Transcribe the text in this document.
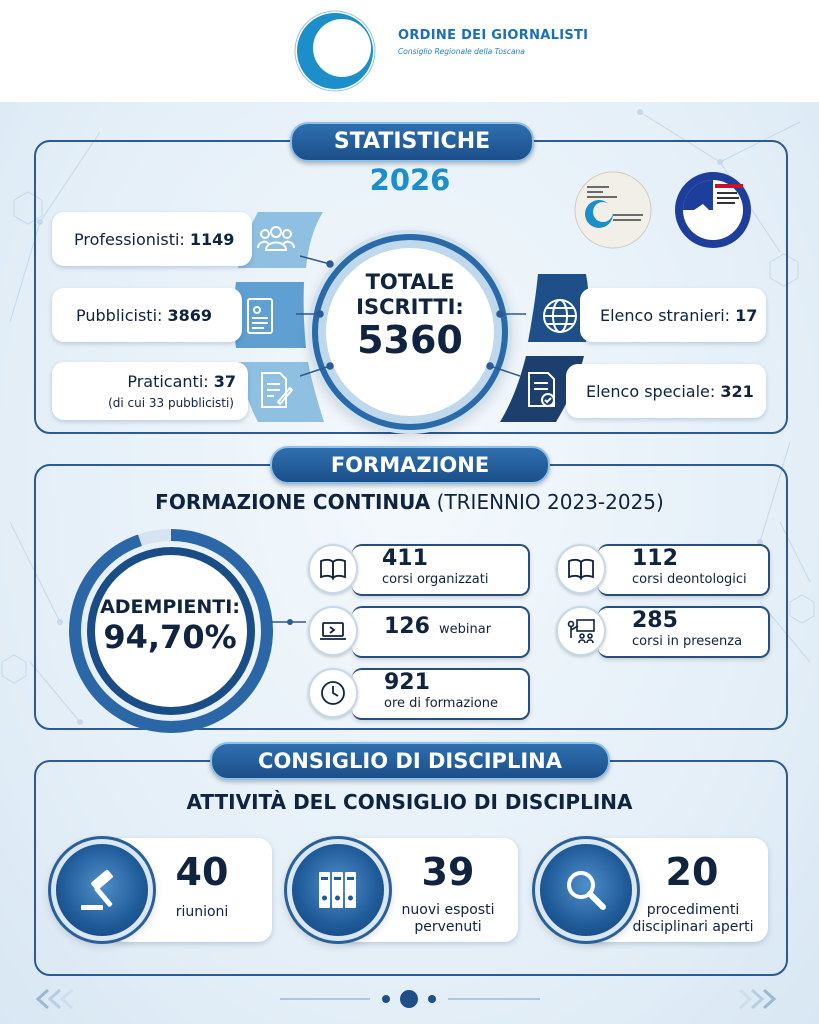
ORDINE DEI GIORNALISTI
Consiglio Regionale della Toscana
STATISTICHE
2026
Professionisti: 1149
Pubblicisti: 3869
Praticanti: 37
(di cui 33 pubblicisti)
TOTALE
ISCRITTI:
5360
Elenco stranieri: 17
Elenco speciale: 321
FORMAZIONE
FORMAZIONE CONTINUA (TRIENNIO 2023-2025)
ADEMPIENTI:
94,70%
411
corsi organizzati
126 webinar
921
ore di formazione
112
corsi deontologici
285
corsi in presenza
CONSIGLIO DI DISCIPLINA
ATTIVITÀ DEL CONSIGLIO DI DISCIPLINA
40
riunioni
39
nuovi esposti
pervenuti
20
procedimenti
disciplinari aperti
